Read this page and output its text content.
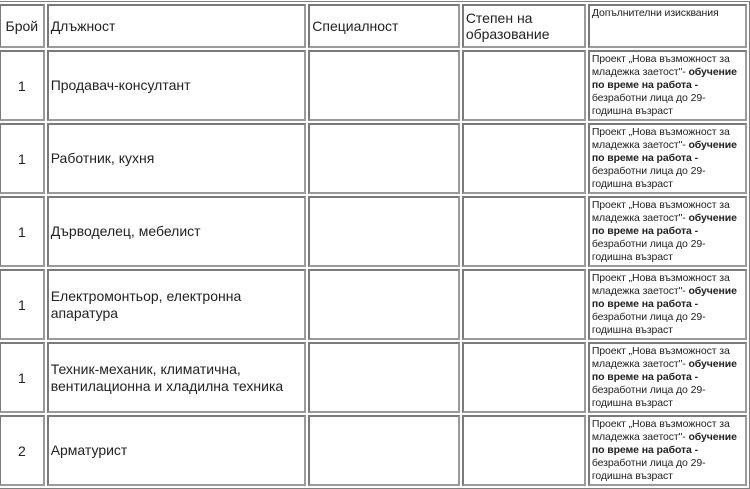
Брой	Длъжност	Специалност	Степен на образование	Допълнителни изисквания
1	Продавач-консултант			Проект „Нова възможност за младежка заетост"- обучение по време на работа - безработни лица до 29-годишна възраст
1	Работник, кухня			Проект „Нова възможност за младежка заетост"- обучение по време на работа - безработни лица до 29-годишна възраст
1	Дърводелец, мебелист			Проект „Нова възможност за младежка заетост"- обучение по време на работа - безработни лица до 29-годишна възраст
1	Електромонтьор, електронна апаратура			Проект „Нова възможност за младежка заетост"- обучение по време на работа - безработни лица до 29-годишна възраст
1	Техник-механик, климатична, вентилационна и хладилна техника			Проект „Нова възможност за младежка заетост"- обучение по време на работа - безработни лица до 29-годишна възраст
2	Арматурист			Проект „Нова възможност за младежка заетост"- обучение по време на работа - безработни лица до 29-годишна възраст
